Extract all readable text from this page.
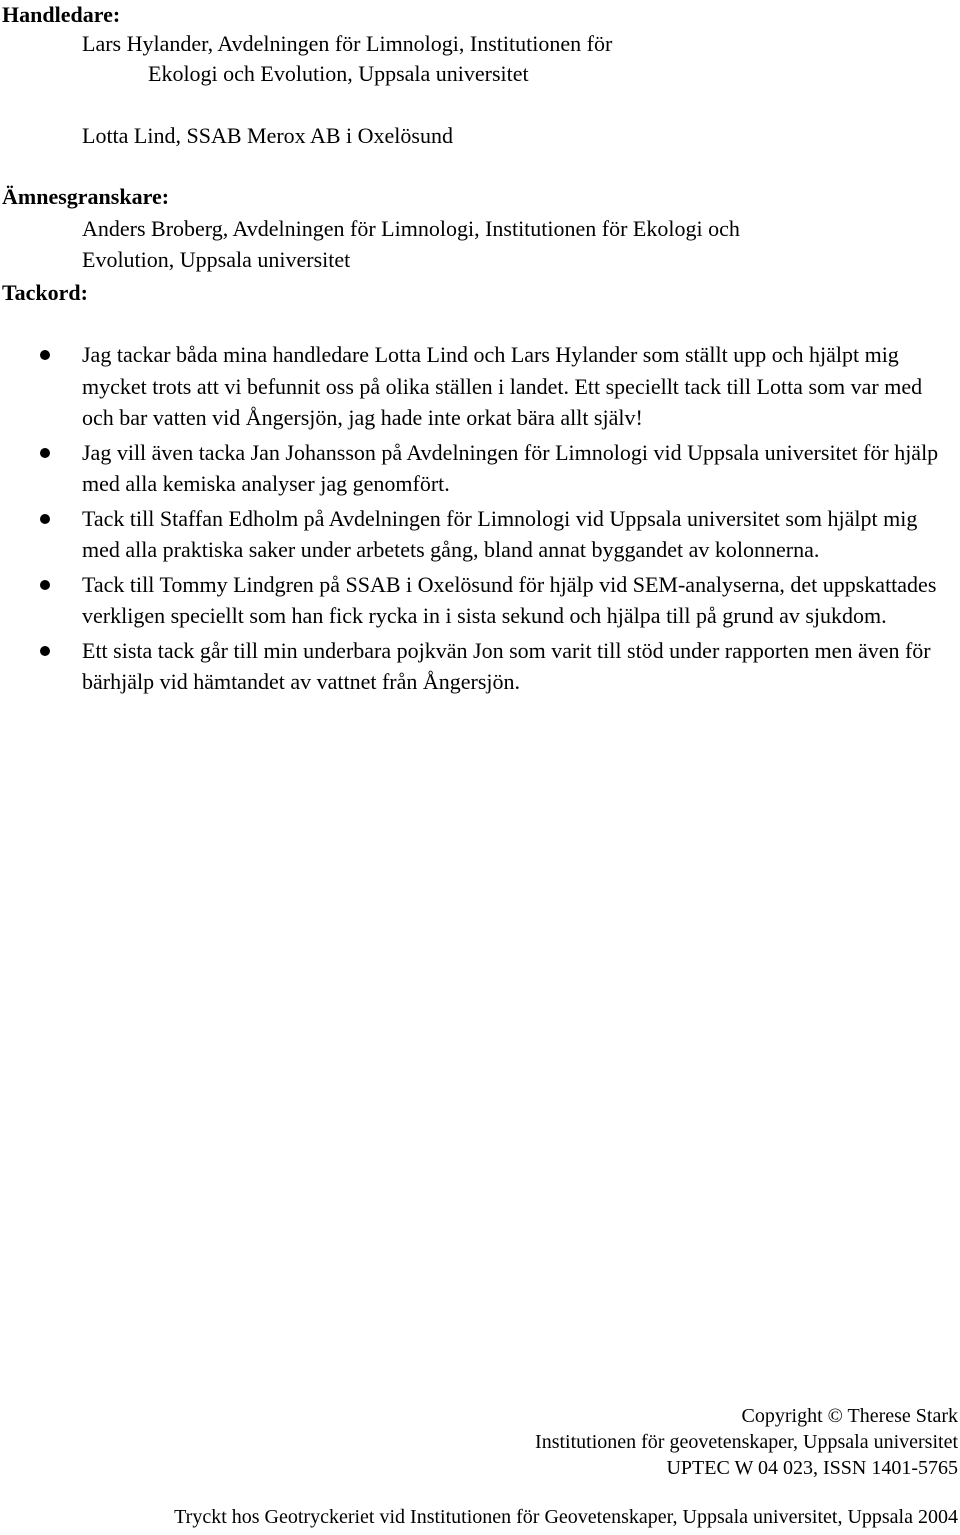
Handledare:
Lars Hylander, Avdelningen för Limnologi, Institutionen för
Ekologi och Evolution, Uppsala universitet
Lotta Lind, SSAB Merox AB i Oxelösund
Ämnesgranskare:
Anders Broberg, Avdelningen för Limnologi, Institutionen för Ekologi och
Evolution, Uppsala universitet
Tackord:
Jag tackar båda mina handledare Lotta Lind och Lars Hylander som ställt upp och hjälpt mig mycket trots att vi befunnit oss på olika ställen i landet. Ett speciellt tack till Lotta som var med och bar vatten vid Ångersjön, jag hade inte orkat bära allt själv!
Jag vill även tacka Jan Johansson på Avdelningen för Limnologi vid Uppsala universitet för hjälp med alla kemiska analyser jag genomfört.
Tack till Staffan Edholm på Avdelningen för Limnologi vid Uppsala universitet som hjälpt mig med alla praktiska saker under arbetets gång, bland annat byggandet av kolonnerna.
Tack till Tommy Lindgren på SSAB i Oxelösund för hjälp vid SEM-analyserna, det uppskattades verkligen speciellt som han fick rycka in i sista sekund och hjälpa till på grund av sjukdom.
Ett sista tack går till min underbara pojkvän Jon som varit till stöd under rapporten men även för bärhjälp vid hämtandet av vattnet från Ångersjön.
Copyright © Therese Stark
Institutionen för geovetenskaper, Uppsala universitet
UPTEC W 04 023, ISSN 1401-5765
Tryckt hos Geotryckeriet vid Institutionen för Geovetenskaper, Uppsala universitet, Uppsala 2004
